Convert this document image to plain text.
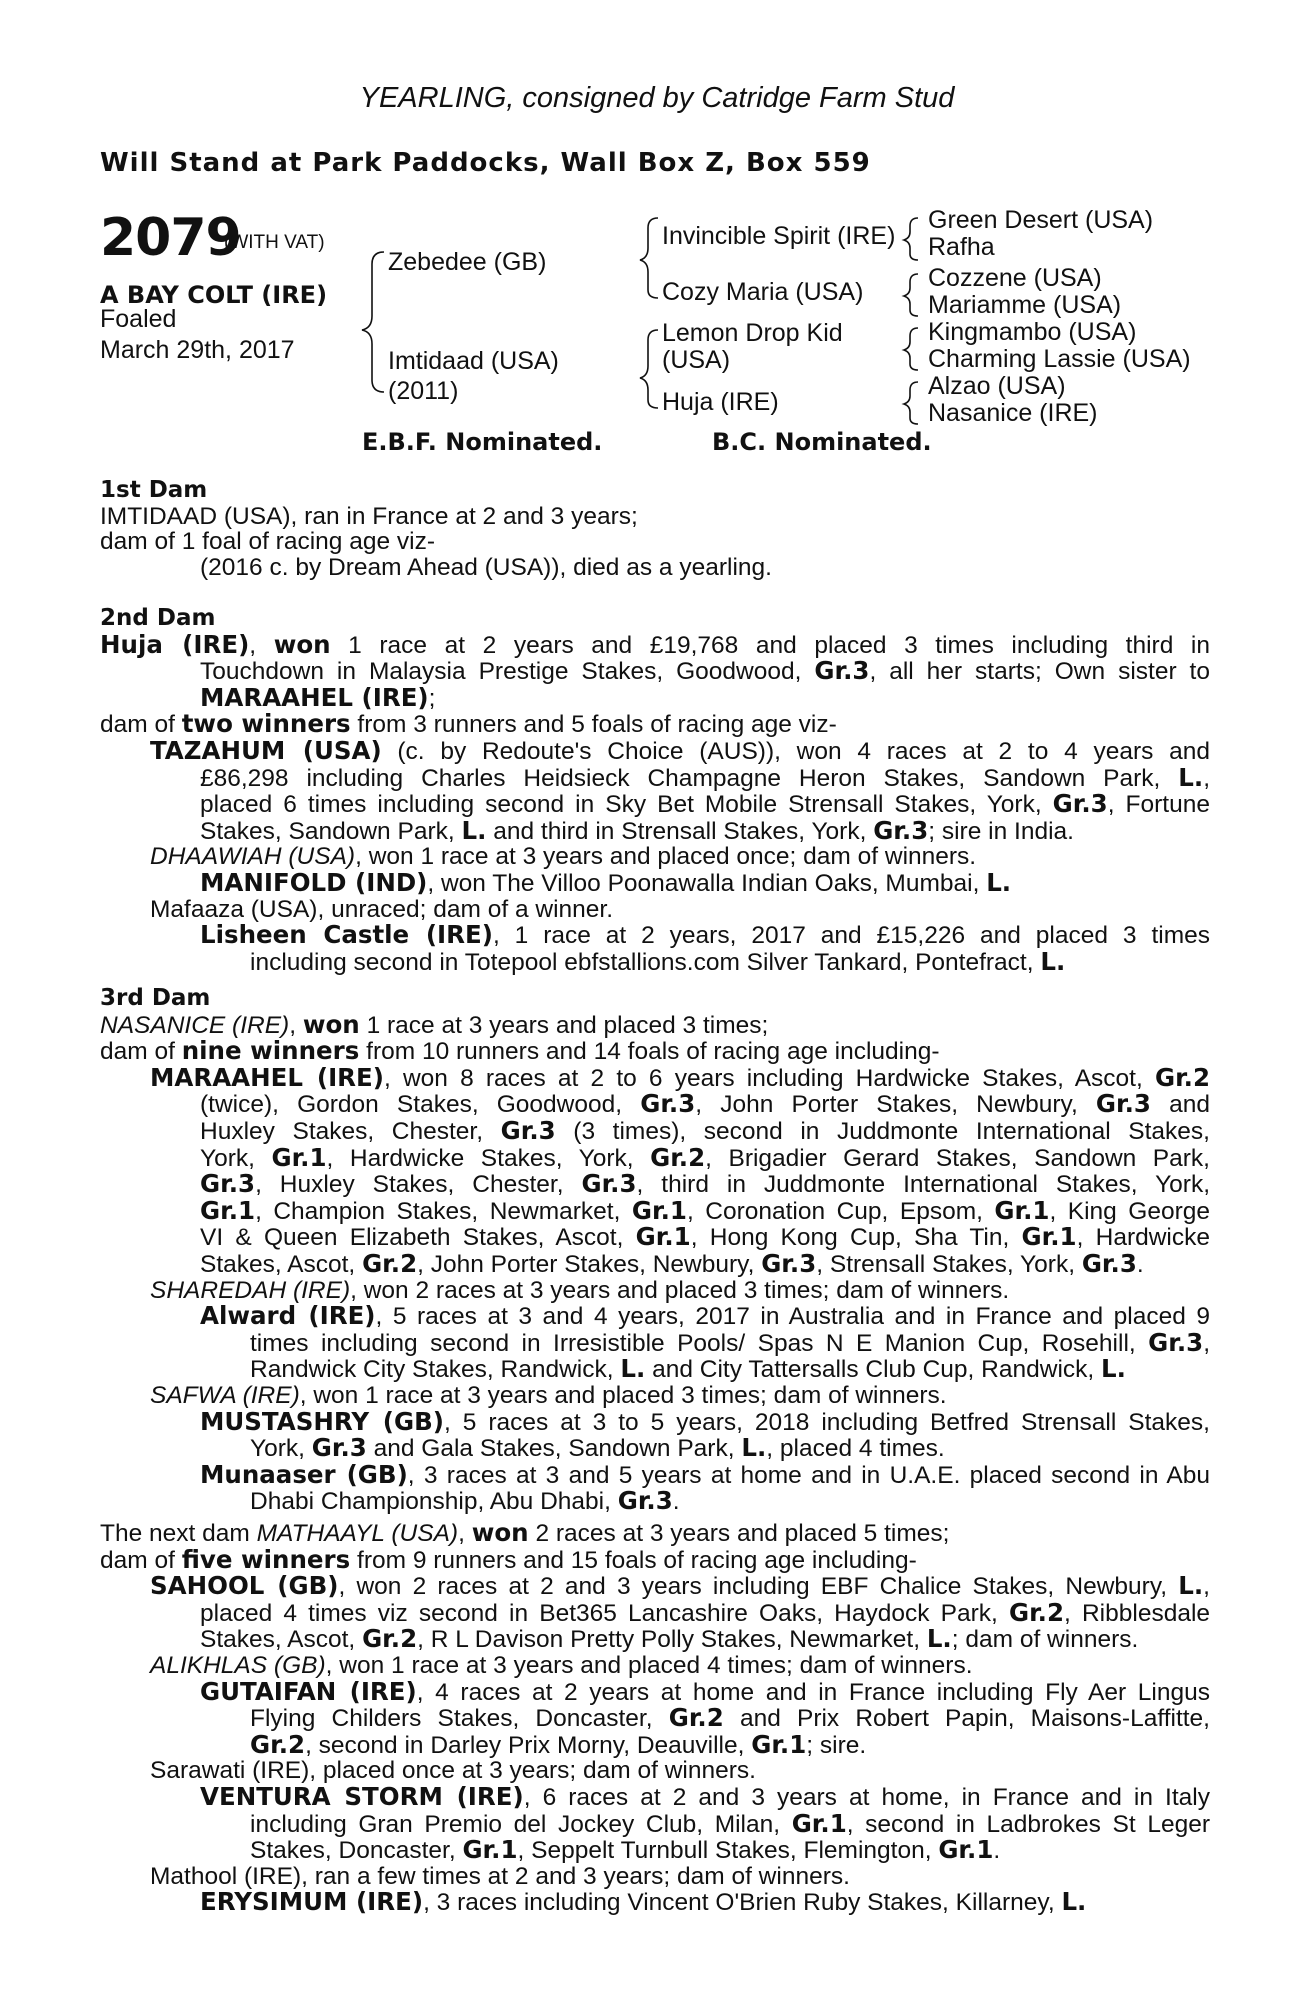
YEARLING, consigned by Catridge Farm Stud
Will Stand at Park Paddocks, Wall Box Z, Box 559
2079
(WITH VAT)
A BAY COLT (IRE)
Foaled
March 29th, 2017
Zebedee (GB)
Imtidaad (USA)
(2011)
Invincible Spirit (IRE)
Cozy Maria (USA)
Lemon Drop Kid
(USA)
Huja (IRE)
Green Desert (USA)
Rafha
Cozzene (USA)
Mariamme (USA)
Kingmambo (USA)
Charming Lassie (USA)
Alzao (USA)
Nasanice (IRE)
E.B.F. Nominated.	B.C. Nominated.

1st Dam

IMTIDAAD (USA), ran in France at 2 and 3 years;

dam of 1 foal of racing age viz-

(2016 c. by Dream Ahead (USA)), died as a yearling.

2nd Dam

Huja (IRE), won 1 race at 2 years and £19,768 and placed 3 times including third in

Touchdown in Malaysia Prestige Stakes, Goodwood, Gr.3, all her starts; Own sister to

MARAAHEL (IRE);

dam of two winners from 3 runners and 5 foals of racing age viz-

TAZAHUM (USA) (c. by Redoute's Choice (AUS)), won 4 races at 2 to 4 years and

£86,298 including Charles Heidsieck Champagne Heron Stakes, Sandown Park, L.,

placed 6 times including second in Sky Bet Mobile Strensall Stakes, York, Gr.3, Fortune

Stakes, Sandown Park, L. and third in Strensall Stakes, York, Gr.3; sire in India.

DHAAWIAH (USA), won 1 race at 3 years and placed once; dam of winners.

MANIFOLD (IND), won The Villoo Poonawalla Indian Oaks, Mumbai, L.

Mafaaza (USA), unraced; dam of a winner.

Lisheen Castle (IRE), 1 race at 2 years, 2017 and £15,226 and placed 3 times

including second in Totepool ebfstallions.com Silver Tankard, Pontefract, L.

3rd Dam

NASANICE (IRE), won 1 race at 3 years and placed 3 times;

dam of nine winners from 10 runners and 14 foals of racing age including-

MARAAHEL (IRE), won 8 races at 2 to 6 years including Hardwicke Stakes, Ascot, Gr.2

(twice), Gordon Stakes, Goodwood, Gr.3, John Porter Stakes, Newbury, Gr.3 and

Huxley Stakes, Chester, Gr.3 (3 times), second in Juddmonte International Stakes,

York, Gr.1, Hardwicke Stakes, York, Gr.2, Brigadier Gerard Stakes, Sandown Park,

Gr.3, Huxley Stakes, Chester, Gr.3, third in Juddmonte International Stakes, York,

Gr.1, Champion Stakes, Newmarket, Gr.1, Coronation Cup, Epsom, Gr.1, King George

VI & Queen Elizabeth Stakes, Ascot, Gr.1, Hong Kong Cup, Sha Tin, Gr.1, Hardwicke

Stakes, Ascot, Gr.2, John Porter Stakes, Newbury, Gr.3, Strensall Stakes, York, Gr.3.

SHAREDAH (IRE), won 2 races at 3 years and placed 3 times; dam of winners.

Alward (IRE), 5 races at 3 and 4 years, 2017 in Australia and in France and placed 9

times including second in Irresistible Pools/ Spas N E Manion Cup, Rosehill, Gr.3,

Randwick City Stakes, Randwick, L. and City Tattersalls Club Cup, Randwick, L.

SAFWA (IRE), won 1 race at 3 years and placed 3 times; dam of winners.

MUSTASHRY (GB), 5 races at 3 to 5 years, 2018 including Betfred Strensall Stakes,

York, Gr.3 and Gala Stakes, Sandown Park, L., placed 4 times.

Munaaser (GB), 3 races at 3 and 5 years at home and in U.A.E. placed second in Abu

Dhabi Championship, Abu Dhabi, Gr.3.

The next dam MATHAAYL (USA), won 2 races at 3 years and placed 5 times;

dam of five winners from 9 runners and 15 foals of racing age including-

SAHOOL (GB), won 2 races at 2 and 3 years including EBF Chalice Stakes, Newbury, L.,

placed 4 times viz second in Bet365 Lancashire Oaks, Haydock Park, Gr.2, Ribblesdale

Stakes, Ascot, Gr.2, R L Davison Pretty Polly Stakes, Newmarket, L.; dam of winners.

ALIKHLAS (GB), won 1 race at 3 years and placed 4 times; dam of winners.

GUTAIFAN (IRE), 4 races at 2 years at home and in France including Fly Aer Lingus

Flying Childers Stakes, Doncaster, Gr.2 and Prix Robert Papin, Maisons-Laffitte,

Gr.2, second in Darley Prix Morny, Deauville, Gr.1; sire.

Sarawati (IRE), placed once at 3 years; dam of winners.

VENTURA STORM (IRE), 6 races at 2 and 3 years at home, in France and in Italy

including Gran Premio del Jockey Club, Milan, Gr.1, second in Ladbrokes St Leger

Stakes, Doncaster, Gr.1, Seppelt Turnbull Stakes, Flemington, Gr.1.

Mathool (IRE), ran a few times at 2 and 3 years; dam of winners.

ERYSIMUM (IRE), 3 races including Vincent O'Brien Ruby Stakes, Killarney, L.
